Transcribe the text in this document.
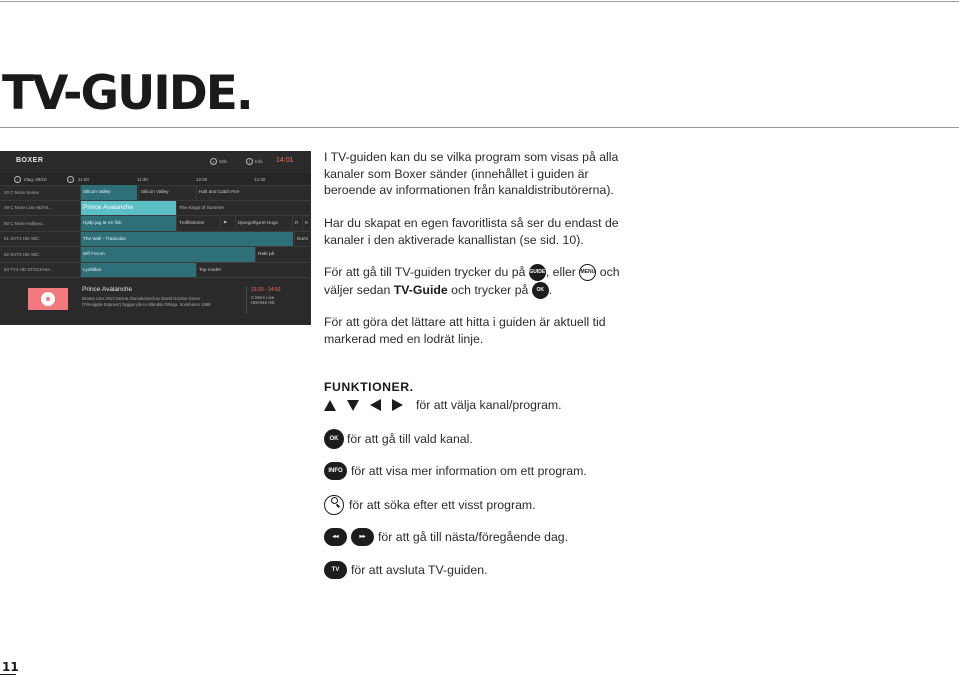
TV-GUIDE.
BOXER	⌕ Sök	i	Info 14:01
‹	Idag, 09/10	›	11:00	11:30	12:00	12:30
20 C More Series	Silicon Valley	Silicon Valley	Halt and Catch Fire
49 C More Live HD/Ht...	Prince Avalanche	The Kings of Summer
50 C More Hollywo...	Hjälp jag är en fisk	Trollhistorier	⚑	Djungelhjuret Hugo	R	K
61 SVT1 HD ABC	The Wall - Tradvolan	Domi
62 SVT2 HD ABC	Wfl Forum	Rakt på
63 TV3 HD STOCKHO...	Lyxfällan	Top model
Prince Avalanche
Drama USA 2013 Denna dramakomedi av David Gordon Green
('Pineapple Express') bygger på en isländsk förlaga. Sommaren 1988
13:20 - 14:50
C More Live
HD/ANS HD

I TV-guiden kan du se vilka program som visas på alla

kanaler som Boxer sänder (innehållet i guiden är

beroende av informationen från kanaldistributörerna).

Har du skapat en egen favoritlista så ser du endast de

kanaler i den aktiverade kanallistan (se sid. 10).

För att gå till TV-guiden trycker du på GUIDE, eller MENU och

väljer sedan TV-Guide och trycker på OK .

För att göra det lättare att hitta i guiden är aktuell tid

markerad med en lodrät linje.

FUNKTIONER.
för att välja kanal/program.
OK för att gå till vald kanal.
INFO för att visa mer information om ett program.
för att söka efter ett visst program.
◂◂	▸▸	för att gå till nästa/föregående dag.
TV för att avsluta TV-guiden.
11
